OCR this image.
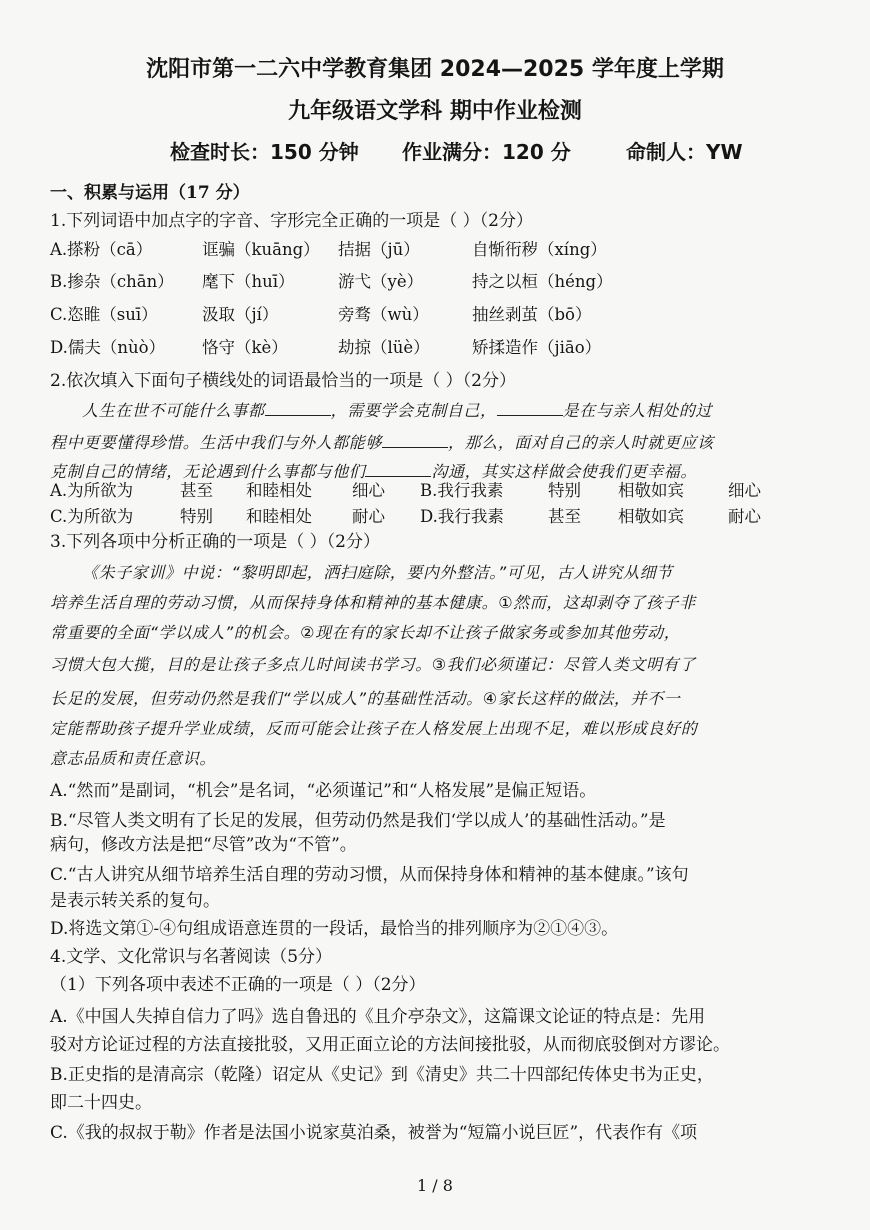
沈阳市第一二六中学教育集团 2024—2025 学年度上学期
九年级语文学科 期中作业检测
检查时长：150 分钟 作业满分：120 分	命制人：YW
一、积累与运用（17 分）
1.下列词语中加点字的字音、字形完全正确的一项是（ ）（2分）
A.搽粉（cā）	诓骗（kuāng） 拮据（jū）	自惭衎秽（xíng）
B.掺杂（chān） 麾下（huī）	游弋（yè）	持之以桓（héng）
C.恣睢（suī）	汲取（jí）	旁骛（wù）	抽丝剥茧（bō）
D.儒夫（nùò） 恪守（kè）	劫掠（lüè）	矫揉造作（jiāo）
2.依次填入下面句子横线处的词语最恰当的一项是（ ）（2分）
人生在世不可能什么事都	，需要学会克制自己，	是在与亲人相处的过
程中更要懂得珍惜。生活中我们与外人都能够	，那么，面对自己的亲人时就更应该
克制自己的情绪，无论遇到什么事都与他们	沟通，其实这样做会使我们更幸福。
A.为所欲为	甚至 和睦相处 细心 B.我行我素	特别 相敬如宾	细心
C.为所欲为	特别 和睦相处 耐心 D.我行我素	甚至 相敬如宾	耐心
3.下列各项中分析正确的一项是（ ）（2分）
《朱子家训》中说：“黎明即起，洒扫庭除，要内外整洁。”可见，古人讲究从细节
培养生活自理的劳动习惯，从而保持身体和精神的基本健康。①然而，这却剥夺了孩子非
常重要的全面“学以成人”的机会。②现在有的家长却不让孩子做家务或参加其他劳动，
习惯大包大揽，目的是让孩子多点儿时间读书学习。③我们必须谨记：尽管人类文明有了
长足的发展，但劳动仍然是我们“学以成人”的基础性活动。④家长这样的做法，并不一
定能帮助孩子提升学业成绩，反而可能会让孩子在人格发展上出现不足，难以形成良好的
意志品质和责任意识。
A.“然而”是副词，“机会”是名词，“必须谨记”和“人格发展”是偏正短语。
B.“尽管人类文明有了长足的发展，但劳动仍然是我们‘学以成人’的基础性活动。”是
病句，修改方法是把“尽管”改为“不管”。
C.“古人讲究从细节培养生活自理的劳动习惯，从而保持身体和精神的基本健康。”该句
是表示转关系的复句。
D.将选文第①-④句组成语意连贯的一段话，最恰当的排列顺序为②①④③。
4.文学、文化常识与名著阅读（5分）
（1）下列各项中表述不正确的一项是（ ）（2分）
A.《中国人失掉自信力了吗》选自鲁迅的《且介亭杂文》，这篇课文论证的特点是：先用
驳对方论证过程的方法直接批驳，又用正面立论的方法间接批驳，从而彻底驳倒对方谬论。
B.正史指的是清高宗（乾隆）诏定从《史记》到《清史》共二十四部纪传体史书为正史，
即二十四史。
C.《我的叔叔于勒》作者是法国小说家莫泊桑，被誉为“短篇小说巨匠”，代表作有《项
1 / 8
